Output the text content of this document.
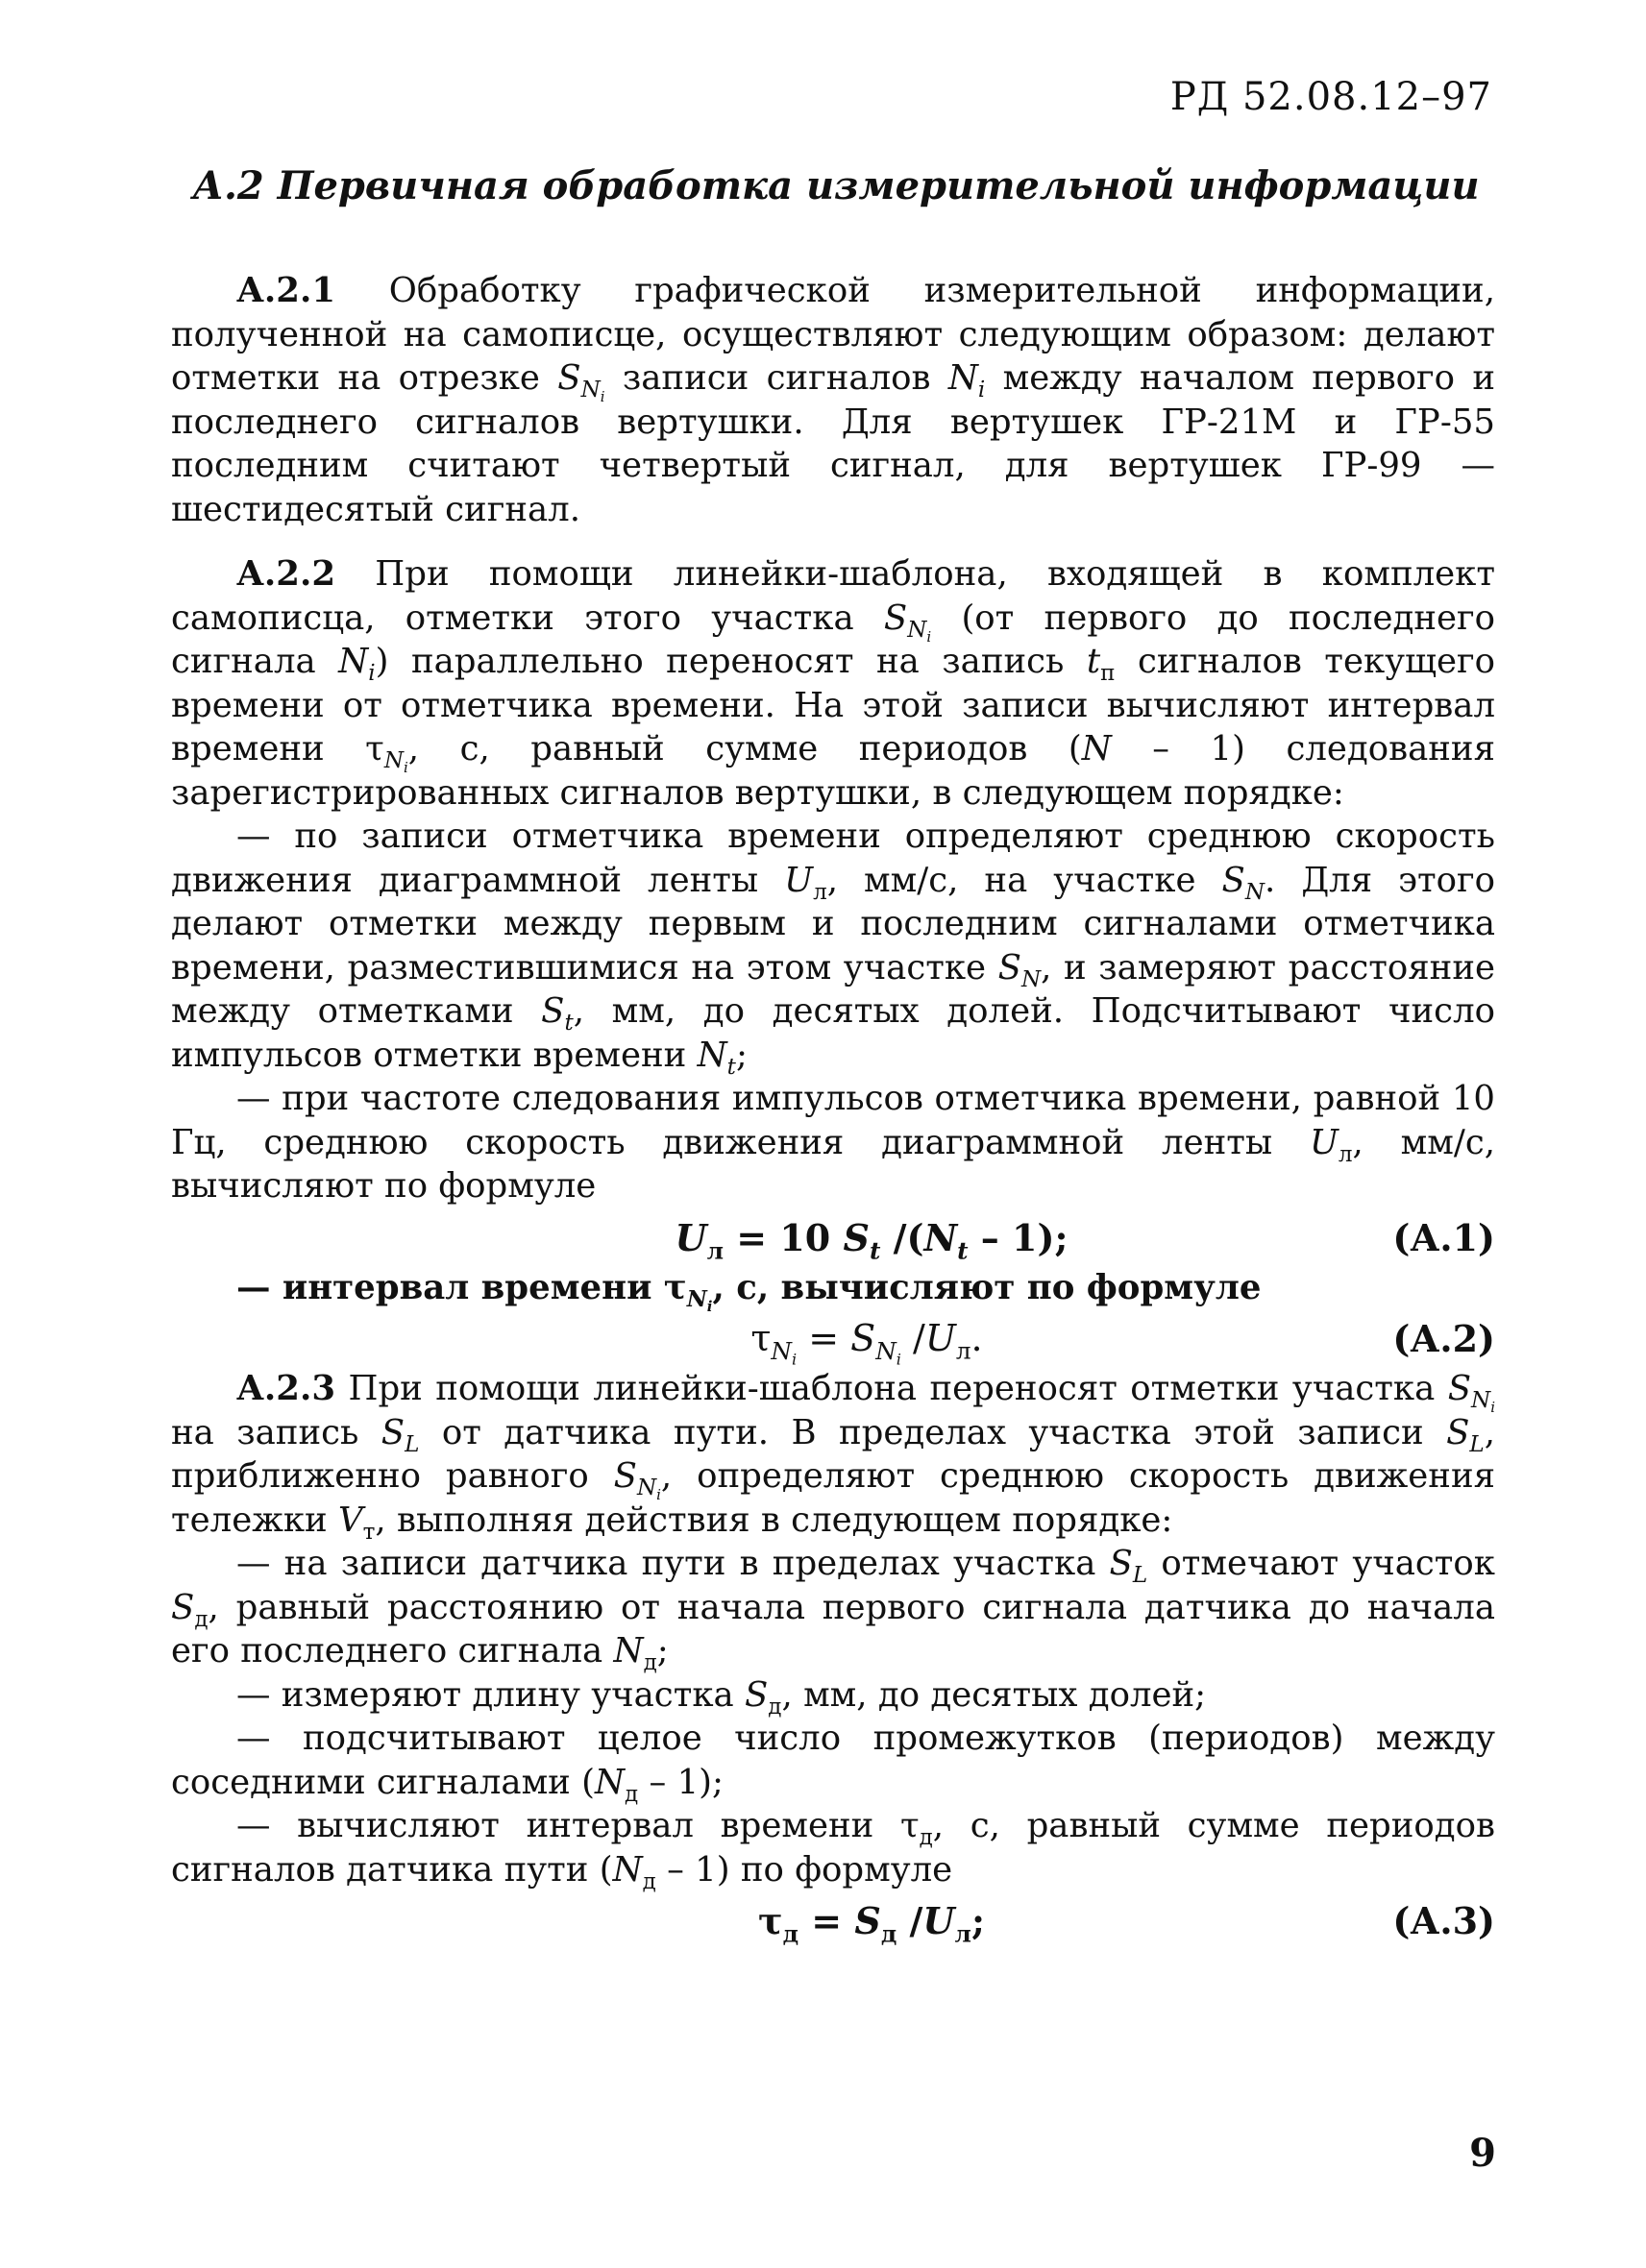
РД 52.08.12–97

А.2 Первичная обработка измерительной информации

А.2.1 Обработку графической измерительной информации, полученной на самописце, осуществляют следующим образом: делают отметки на отрезке $S_{N_i}$ записи сигналов $N_i$ между началом первого и последнего сигналов вертушки. Для вертушек ГР-21М и ГР-55 последним считают четвертый сигнал, для вертушек ГР-99 — шестидесятый сигнал.

А.2.2 При помощи линейки-шаблона, входящей в комплект самописца, отметки этого участка $S_{N_i}$ (от первого до последнего сигнала $N_i$) параллельно переносят на запись $t_п$ сигналов текущего времени от отметчика времени. На этой записи вычисляют интервал времени $\tau_{N_i}$, с, равный сумме периодов (N – 1) следования зарегистрированных сигналов вертушки, в следующем порядке:

— по записи отметчика времени определяют среднюю скорость движения диаграммной ленты $U_л$, мм/с, на участке $S_N$. Для этого делают отметки между первым и последним сигналами отметчика времени, разместившимися на этом участке $S_N$, и замеряют расстояние между отметками $S_t$, мм, до десятых долей. Подсчитывают число импульсов отметки времени $N_t$;

— при частоте следования импульсов отметчика времени, равной 10 Гц, среднюю скорость движения диаграммной ленты $U_л$, мм/с, вычисляют по формуле

$U_л = 10$ $S_t$ $/(N_t - 1)$;	(А.1)

— интервал времени $\tau_{N_i}$, с, вычисляют по формуле

$\tau_{N_i} = S_{N_i}$ $/U_л$.	(А.2)

А.2.3 При помощи линейки-шаблона переносят отметки участка $S_{N_i}$ на запись $S_L$ от датчика пути. В пределах участка этой записи $S_L$, приближенно равного $S_{N_i}$, определяют среднюю скорость движения тележки $V_т$, выполняя действия в следующем порядке:

— на записи датчика пути в пределах участка $S_L$ отмечают участок $S_д$, равный расстоянию от начала первого сигнала датчика до начала его последнего сигнала $N_д$;

— измеряют длину участка $S_д$, мм, до десятых долей;

— подсчитывают целое число промежутков (периодов) между соседними сигналами $(N_д - 1)$;

— вычисляют интервал времени $\tau_д$, с, равный сумме периодов сигналов датчика пути $(N_д - 1)$ по формуле

$\tau_д = S_д$ $/U_л$;	(А.3)

9
